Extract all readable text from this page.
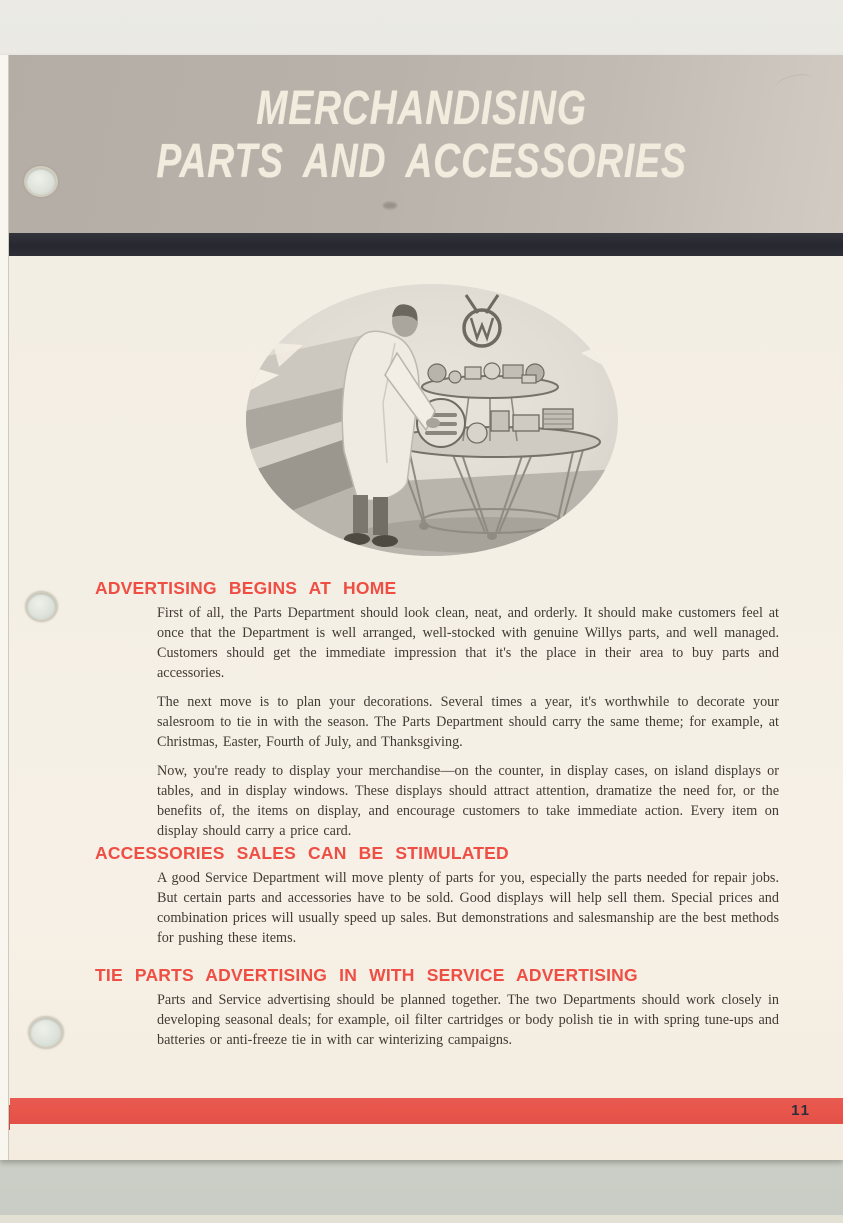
MERCHANDISING
PARTS AND ACCESSORIES
ADVERTISING BEGINS AT HOME

First of all, the Parts Department should look clean, neat, and orderly. It should make customers feel at once that the Department is well arranged, well-stocked with genuine Willys parts, and well managed. Customers should get the immediate impression that it's the place in their area to buy parts and accessories.

The next move is to plan your decorations. Several times a year, it's worthwhile to decorate your salesroom to tie in with the season. The Parts Department should carry the same theme; for example, at Christmas, Easter, Fourth of July, and Thanksgiving.

Now, you're ready to display your merchandise—on the counter, in display cases, on island displays or tables, and in display windows. These displays should attract attention, dramatize the need for, or the benefits of, the items on display, and encourage customers to take immediate action. Every item on display should carry a price card.

ACCESSORIES SALES CAN BE STIMULATED

A good Service Department will move plenty of parts for you, especially the parts needed for repair jobs. But certain parts and accessories have to be sold. Good displays will help sell them. Special prices and combination prices will usually speed up sales. But demonstrations and salesmanship are the best methods for pushing these items.

TIE PARTS ADVERTISING IN WITH SERVICE ADVERTISING

Parts and Service advertising should be planned together. The two Departments should work closely in developing seasonal deals; for example, oil filter cartridges or body polish tie in with spring tune-ups and batteries or anti-freeze tie in with car winterizing campaigns.

11
